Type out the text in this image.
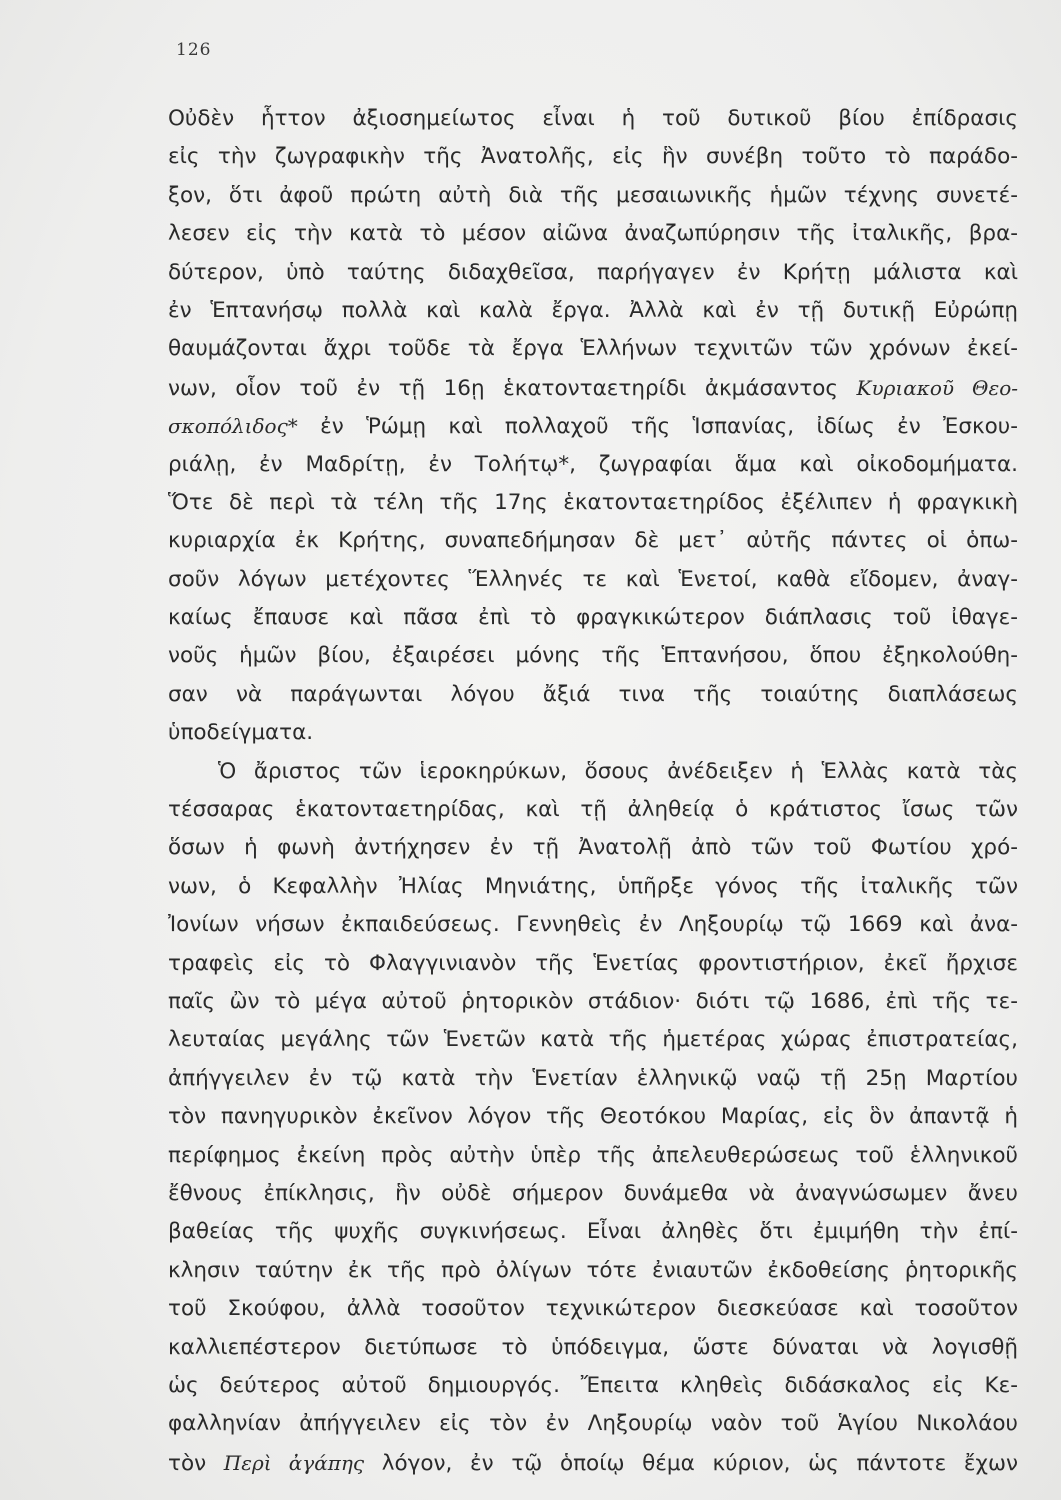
126
Οὐδὲν ἧττον ἀξιοσημείωτος εἶναι ἡ τοῦ δυτικοῦ βίου ἐπίδρασις
εἰς τὴν ζωγραφικὴν τῆς Ἀνατολῆς, εἰς ἣν συνέβη τοῦτο τὸ παράδο-
ξον, ὅτι ἀφοῦ πρώτη αὐτὴ διὰ τῆς μεσαιωνικῆς ἡμῶν τέχνης συνετέ-
λεσεν εἰς τὴν κατὰ τὸ μέσον αἰῶνα ἀναζωπύρησιν τῆς ἰταλικῆς, βρα-
δύτερον, ὑπὸ ταύτης διδαχθεῖσα, παρήγαγεν ἐν Κρήτῃ μάλιστα καὶ
ἐν Ἑπτανήσῳ πολλὰ καὶ καλὰ ἔργα. Ἀλλὰ καὶ ἐν τῇ δυτικῇ Εὐρώπῃ
θαυμάζονται ἄχρι τοῦδε τὰ ἔργα Ἑλλήνων τεχνιτῶν τῶν χρόνων ἐκεί-
νων, οἷον τοῦ ἐν τῇ 16ῃ ἑκατονταετηρίδι ἀκμάσαντος Κυριακοῦ Θεο-
σκοπόλιδος* ἐν Ῥώμῃ καὶ πολλαχοῦ τῆς Ἱσπανίας, ἰδίως ἐν Ἐσκου-
ριάλῃ, ἐν Μαδρίτῃ, ἐν Τολήτῳ*, ζωγραφίαι ἅμα καὶ οἰκοδομήματα.
Ὅτε δὲ περὶ τὰ τέλη τῆς 17ης ἑκατονταετηρίδος ἐξέλιπεν ἡ φραγκικὴ
κυριαρχία ἐκ Κρήτης, συναπεδήμησαν δὲ μετ᾽ αὐτῆς πάντες οἱ ὁπω-
σοῦν λόγων μετέχοντες Ἕλληνές τε καὶ Ἑνετοί, καθὰ εἴδομεν, ἀναγ-
καίως ἔπαυσε καὶ πᾶσα ἐπὶ τὸ φραγκικώτερον διάπλασις τοῦ ἰθαγε-
νοῦς ἡμῶν βίου, ἐξαιρέσει μόνης τῆς Ἑπτανήσου, ὅπου ἐξηκολούθη-
σαν νὰ παράγωνται λόγου ἄξιά τινα τῆς τοιαύτης διαπλάσεως
ὑποδείγματα.
Ὁ ἄριστος τῶν ἱεροκηρύκων, ὅσους ἀνέδειξεν ἡ Ἑλλὰς κατὰ τὰς
τέσσαρας ἑκατονταετηρίδας, καὶ τῇ ἀληθείᾳ ὁ κράτιστος ἴσως τῶν
ὅσων ἡ φωνὴ ἀντήχησεν ἐν τῇ Ἀνατολῇ ἀπὸ τῶν τοῦ Φωτίου χρό-
νων, ὁ Κεφαλλὴν Ἠλίας Μηνιάτης, ὑπῆρξε γόνος τῆς ἰταλικῆς τῶν
Ἰονίων νήσων ἐκπαιδεύσεως. Γεννηθεὶς ἐν Ληξουρίῳ τῷ 1669 καὶ ἀνα-
τραφεὶς εἰς τὸ Φλαγγινιανὸν τῆς Ἑνετίας φροντιστήριον, ἐκεῖ ἤρχισε
παῖς ὢν τὸ μέγα αὐτοῦ ῥητορικὸν στάδιον· διότι τῷ 1686, ἐπὶ τῆς τε-
λευταίας μεγάλης τῶν Ἑνετῶν κατὰ τῆς ἡμετέρας χώρας ἐπιστρατείας,
ἀπήγγειλεν ἐν τῷ κατὰ τὴν Ἑνετίαν ἑλληνικῷ ναῷ τῇ 25ῃ Μαρτίου
τὸν πανηγυρικὸν ἐκεῖνον λόγον τῆς Θεοτόκου Μαρίας, εἰς ὃν ἀπαντᾷ ἡ
περίφημος ἐκείνη πρὸς αὐτὴν ὑπὲρ τῆς ἀπελευθερώσεως τοῦ ἑλληνικοῦ
ἔθνους ἐπίκλησις, ἣν οὐδὲ σήμερον δυνάμεθα νὰ ἀναγνώσωμεν ἄνευ
βαθείας τῆς ψυχῆς συγκινήσεως. Εἶναι ἀληθὲς ὅτι ἐμιμήθη τὴν ἐπί-
κλησιν ταύτην ἐκ τῆς πρὸ ὀλίγων τότε ἐνιαυτῶν ἐκδοθείσης ῥητορικῆς
τοῦ Σκούφου, ἀλλὰ τοσοῦτον τεχνικώτερον διεσκεύασε καὶ τοσοῦτον
καλλιεπέστερον διετύπωσε τὸ ὑπόδειγμα, ὥστε δύναται νὰ λογισθῇ
ὡς δεύτερος αὐτοῦ δημιουργός. Ἔπειτα κληθεὶς διδάσκαλος εἰς Κε-
φαλληνίαν ἀπήγγειλεν εἰς τὸν ἐν Ληξουρίῳ ναὸν τοῦ Ἁγίου Νικολάου
τὸν Περὶ ἀγάπης λόγον, ἐν τῷ ὁποίῳ θέμα κύριον, ὡς πάντοτε ἔχων
